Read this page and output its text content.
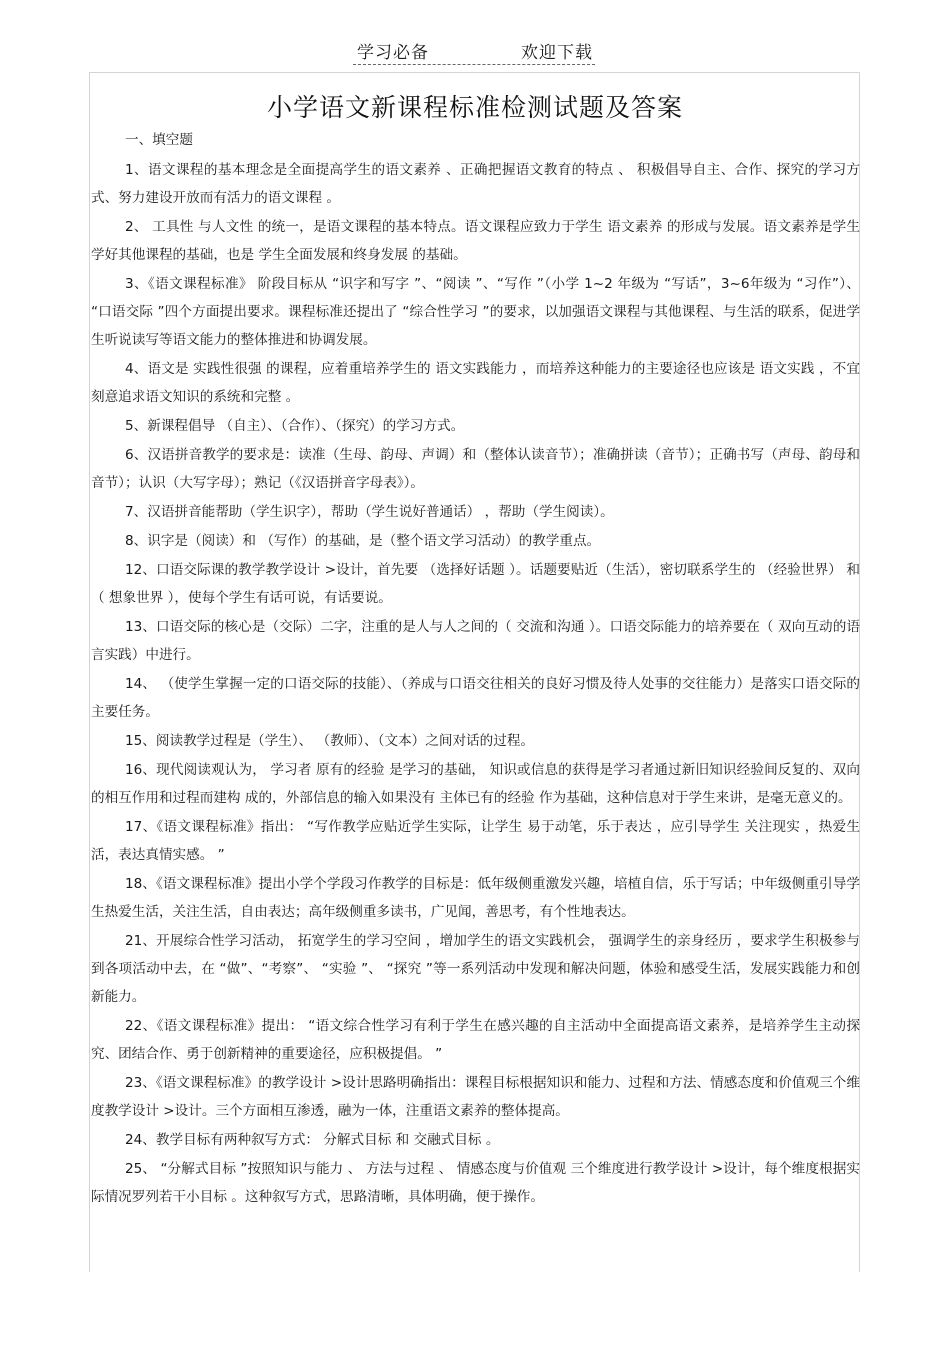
学习必备	欢迎下载
小学语文新课程标准检测试题及答案

一、填空题

1、语文课程的基本理念是全面提高学生的语文素养 、正确把握语文教育的特点 、 积极倡导自主、合作、探究的学习方式、努力建设开放而有活力的语文课程 。

2、 工具性 与人文性 的统一，是语文课程的基本特点。语文课程应致力于学生 语文素养 的形成与发展。语文素养是学生学好其他课程的基础，也是 学生全面发展和终身发展 的基础。

3、《语文课程标准》 阶段目标从 “识字和写字 ”、“阅读 ”、“写作 ”（小学 1~2 年级为 “写话”，3~6年级为 “习作”）、 “口语交际 ”四个方面提出要求。课程标准还提出了 “综合性学习 ”的要求，以加强语文课程与其他课程、与生活的联系，促进学生听说读写等语文能力的整体推进和协调发展。

4、语文是 实践性很强 的课程，应着重培养学生的 语文实践能力 ，而培养这种能力的主要途径也应该是 语文实践 ，不宜刻意追求语文知识的系统和完整 。

5、新课程倡导 （自主）、（合作）、（探究）的学习方式。

6、汉语拼音教学的要求是：读准（生母、韵母、声调）和（整体认读音节）；准确拼读（音节）；正确书写（声母、韵母和音节）；认识（大写字母）；熟记（《汉语拼音字母表》）。

7、汉语拼音能帮助（学生识字），帮助（学生说好普通话） ，帮助（学生阅读）。

8、识字是（阅读）和 （写作）的基础，是（整个语文学习活动）的教学重点。

12、口语交际课的教学教学设计 >设计，首先要 （选择好话题 ）。话题要贴近（生活），密切联系学生的 （经验世界） 和 （ 想象世界 ），使每个学生有话可说，有话要说。

13、口语交际的核心是（交际）二字，注重的是人与人之间的（ 交流和沟通 ）。口语交际能力的培养要在（ 双向互动的语言实践）中进行。

14、 （使学生掌握一定的口语交际的技能）、（养成与口语交往相关的良好习惯及待人处事的交往能力）是落实口语交际的主要任务。

15、阅读教学过程是（学生）、 （教师）、（文本）之间对话的过程。

16、现代阅读观认为， 学习者 原有的经验 是学习的基础， 知识或信息的获得是学习者通过新旧知识经验间反复的、双向的相互作用和过程而建构 成的，外部信息的输入如果没有 主体已有的经验 作为基础，这种信息对于学生来讲，是毫无意义的。

17、《语文课程标准》指出： “写作教学应贴近学生实际，让学生 易于动笔，乐于表达 ，应引导学生 关注现实 ，热爱生活，表达真情实感。 ”

18、《语文课程标准》提出小学个学段习作教学的目标是：低年级侧重激发兴趣，培植自信，乐于写话；中年级侧重引导学生热爱生活，关注生活，自由表达；高年级侧重多读书，广见闻，善思考，有个性地表达。

21、开展综合性学习活动， 拓宽学生的学习空间 ，增加学生的语文实践机会， 强调学生的亲身经历 ，要求学生积极参与到各项活动中去，在 “做”、“考察”、 “实验 ”、 “探究 ”等一系列活动中发现和解决问题，体验和感受生活，发展实践能力和创新能力。

22、《语文课程标准》提出： “语文综合性学习有利于学生在感兴趣的自主活动中全面提高语文素养，是培养学生主动探究、团结合作、勇于创新精神的重要途径，应积极提倡。 ”

23、《语文课程标准》的教学设计 >设计思路明确指出：课程目标根据知识和能力、过程和方法、情感态度和价值观三个维度教学设计 >设计。三个方面相互渗透，融为一体，注重语文素养的整体提高。

24、教学目标有两种叙写方式： 分解式目标 和 交融式目标 。

25、 “分解式目标 ”按照知识与能力 、 方法与过程 、 情感态度与价值观 三个维度进行教学设计 >设计，每个维度根据实际情况罗列若干小目标 。这种叙写方式，思路清晰，具体明确，便于操作。
